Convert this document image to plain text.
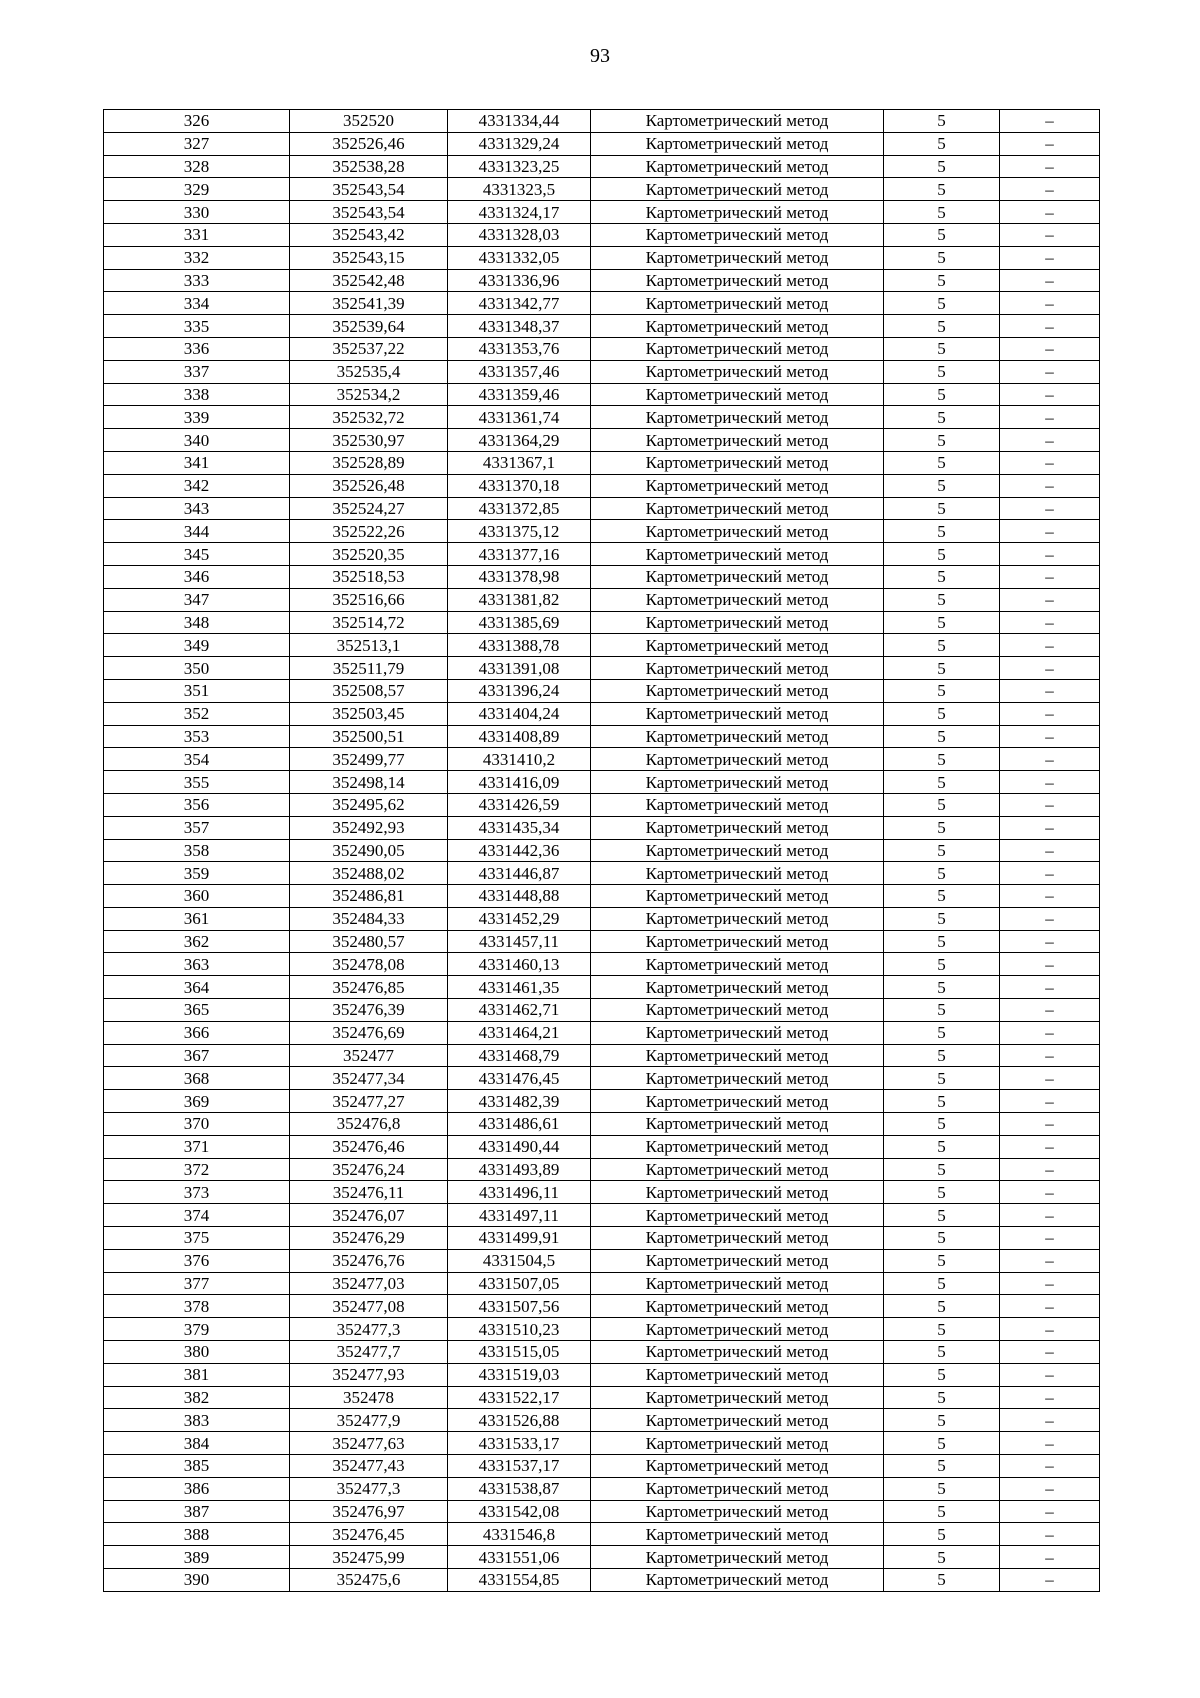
93
326	352520	4331334,44	Картометрический метод	5	–
327	352526,46	4331329,24	Картометрический метод	5	–
328	352538,28	4331323,25	Картометрический метод	5	–
329	352543,54	4331323,5	Картометрический метод	5	–
330	352543,54	4331324,17	Картометрический метод	5	–
331	352543,42	4331328,03	Картометрический метод	5	–
332	352543,15	4331332,05	Картометрический метод	5	–
333	352542,48	4331336,96	Картометрический метод	5	–
334	352541,39	4331342,77	Картометрический метод	5	–
335	352539,64	4331348,37	Картометрический метод	5	–
336	352537,22	4331353,76	Картометрический метод	5	–
337	352535,4	4331357,46	Картометрический метод	5	–
338	352534,2	4331359,46	Картометрический метод	5	–
339	352532,72	4331361,74	Картометрический метод	5	–
340	352530,97	4331364,29	Картометрический метод	5	–
341	352528,89	4331367,1	Картометрический метод	5	–
342	352526,48	4331370,18	Картометрический метод	5	–
343	352524,27	4331372,85	Картометрический метод	5	–
344	352522,26	4331375,12	Картометрический метод	5	–
345	352520,35	4331377,16	Картометрический метод	5	–
346	352518,53	4331378,98	Картометрический метод	5	–
347	352516,66	4331381,82	Картометрический метод	5	–
348	352514,72	4331385,69	Картометрический метод	5	–
349	352513,1	4331388,78	Картометрический метод	5	–
350	352511,79	4331391,08	Картометрический метод	5	–
351	352508,57	4331396,24	Картометрический метод	5	–
352	352503,45	4331404,24	Картометрический метод	5	–
353	352500,51	4331408,89	Картометрический метод	5	–
354	352499,77	4331410,2	Картометрический метод	5	–
355	352498,14	4331416,09	Картометрический метод	5	–
356	352495,62	4331426,59	Картометрический метод	5	–
357	352492,93	4331435,34	Картометрический метод	5	–
358	352490,05	4331442,36	Картометрический метод	5	–
359	352488,02	4331446,87	Картометрический метод	5	–
360	352486,81	4331448,88	Картометрический метод	5	–
361	352484,33	4331452,29	Картометрический метод	5	–
362	352480,57	4331457,11	Картометрический метод	5	–
363	352478,08	4331460,13	Картометрический метод	5	–
364	352476,85	4331461,35	Картометрический метод	5	–
365	352476,39	4331462,71	Картометрический метод	5	–
366	352476,69	4331464,21	Картометрический метод	5	–
367	352477	4331468,79	Картометрический метод	5	–
368	352477,34	4331476,45	Картометрический метод	5	–
369	352477,27	4331482,39	Картометрический метод	5	–
370	352476,8	4331486,61	Картометрический метод	5	–
371	352476,46	4331490,44	Картометрический метод	5	–
372	352476,24	4331493,89	Картометрический метод	5	–
373	352476,11	4331496,11	Картометрический метод	5	–
374	352476,07	4331497,11	Картометрический метод	5	–
375	352476,29	4331499,91	Картометрический метод	5	–
376	352476,76	4331504,5	Картометрический метод	5	–
377	352477,03	4331507,05	Картометрический метод	5	–
378	352477,08	4331507,56	Картометрический метод	5	–
379	352477,3	4331510,23	Картометрический метод	5	–
380	352477,7	4331515,05	Картометрический метод	5	–
381	352477,93	4331519,03	Картометрический метод	5	–
382	352478	4331522,17	Картометрический метод	5	–
383	352477,9	4331526,88	Картометрический метод	5	–
384	352477,63	4331533,17	Картометрический метод	5	–
385	352477,43	4331537,17	Картометрический метод	5	–
386	352477,3	4331538,87	Картометрический метод	5	–
387	352476,97	4331542,08	Картометрический метод	5	–
388	352476,45	4331546,8	Картометрический метод	5	–
389	352475,99	4331551,06	Картометрический метод	5	–
390	352475,6	4331554,85	Картометрический метод	5	–
